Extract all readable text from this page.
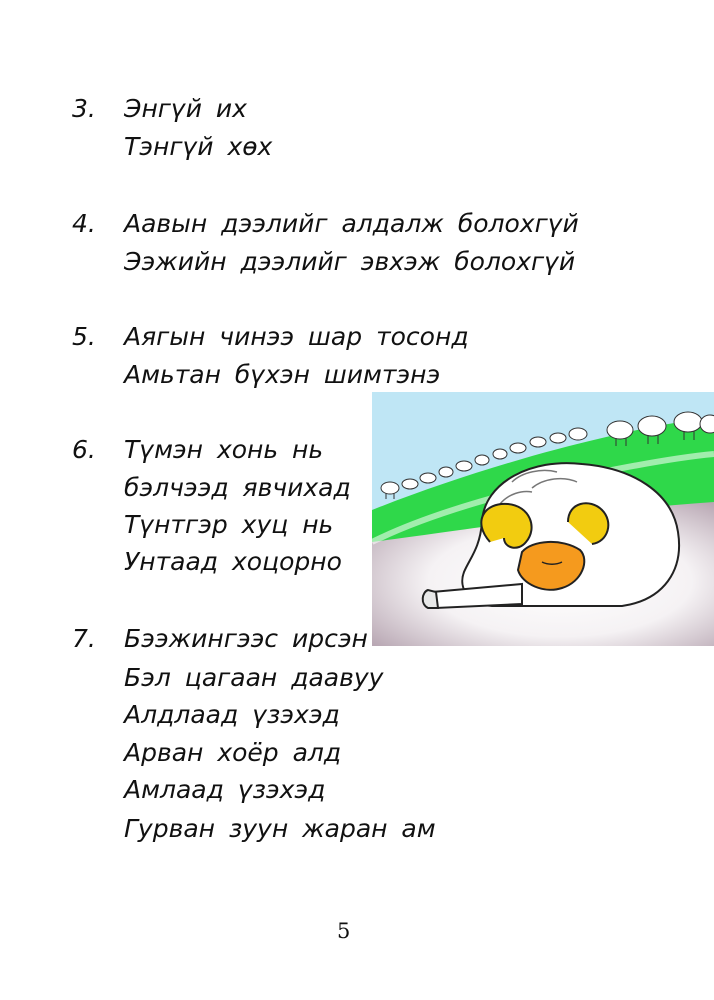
3. Энгүй их
Тэнгүй хөх
4. Аавын дээлийг алдалж болохгүй
Ээжийн дээлийг эвхэж болохгүй
5. Аягын чинээ шар тосонд
Амьтан бүхэн шимтэнэ
6. Түмэн хонь нь
бэлчээд явчихад
Түнтгэр хуц нь
Унтаад хоцорно
7. Бээжингээс ирсэн
Бэл цагаан даавуу
Алдлаад үзэхэд
Арван хоёр алд
Амлаад үзэхэд
Гурван зуун жаран ам
5
